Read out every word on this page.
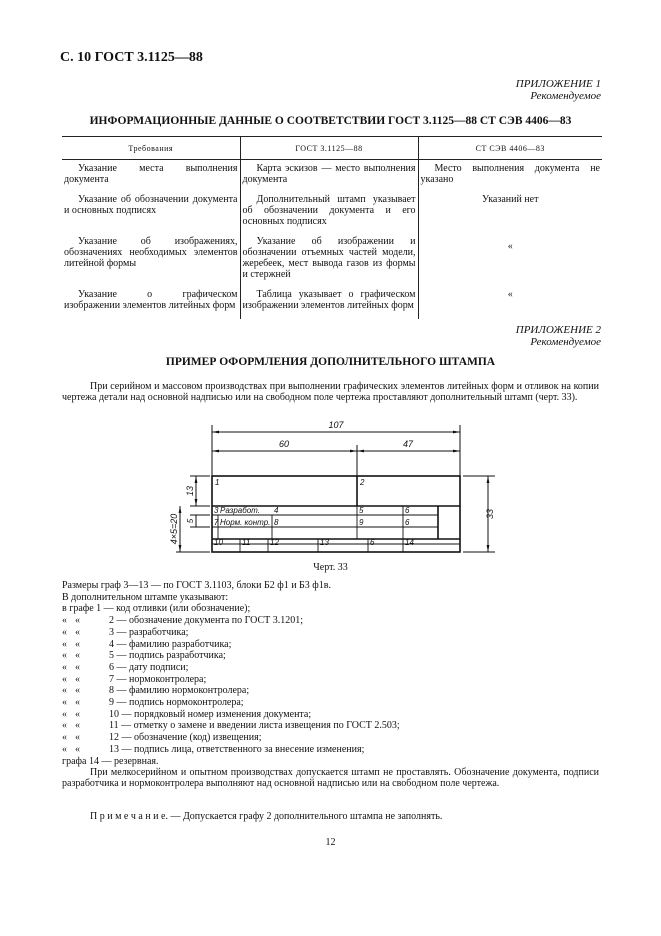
С. 10 ГОСТ 3.1125—88
ПРИЛОЖЕНИЕ 1
Рекомендуемое
ИНФОРМАЦИОННЫЕ ДАННЫЕ О СООТВЕТСТВИИ ГОСТ 3.1125—88 СТ СЭВ 4406—83
Требования	ГОСТ 3.1125—88	СТ СЭВ 4406—83
Указание места выполнения документа	Карта эскизов — место выполнения документа	Место выполнения документа не указано
Указание об обозначении документа и основных подписях	Дополнительный штамп указывает об обозначении документа и его основных подписях	Указаний нет
Указание об изображениях, обозначениях необходимых элементов литейной формы	Указание об изображении и обозначении отъемных частей модели, жеребеек, мест вывода газов из формы и стержней	«
Указание о графическом изображении элементов литейных форм	Таблица указывает о графическом изображении элементов литейных форм	«
ПРИЛОЖЕНИЕ 2
Рекомендуемое
ПРИМЕР ОФОРМЛЕНИЯ ДОПОЛНИТЕЛЬНОГО ШТАМПА
При серийном и массовом производствах при выполнении графических элементов литейных форм и отливок на копии чертежа детали над основной надписью или на свободном поле чертежа проставляют дополнительный штамп (черт. 33).
107
60	47
33
13
4×5=20 5
1	2
3 Разработ. 4	5	6
7 Норм. контр. 8	9	6
10 11 12	13	6	14
Черт. 33
Размеры граф 3—13 — по ГОСТ 3.1103, блоки Б2 ф1 и Б3 ф1в.
В дополнительном штампе указывают:
в графе 1 — код отливки (или обозначение);
« «	2 — обозначение документа по ГОСТ 3.1201;
« «	3 — разработчика;
« «	4 — фамилию разработчика;
« «	5 — подпись разработчика;
« «	6 — дату подписи;
« «	7 — нормоконтролера;
« «	8 — фамилию нормоконтролера;
« «	9 — подпись нормоконтролера;
« «	10 — порядковый номер изменения документа;
« «	11 — отметку о замене и введении листа извещения по ГОСТ 2.503;
« «	12 — обозначение (код) извещения;
« «	13 — подпись лица, ответственного за внесение изменения;
графа 14 — резервная.
При мелкосерийном и опытном производствах допускается штамп не проставлять. Обозначение документа, подписи разработчика и нормоконтролера выполняют над основной надписью или на свободном поле чертежа.
П р и м е ч а н и е. — Допускается графу 2 дополнительного штампа не заполнять.
12
